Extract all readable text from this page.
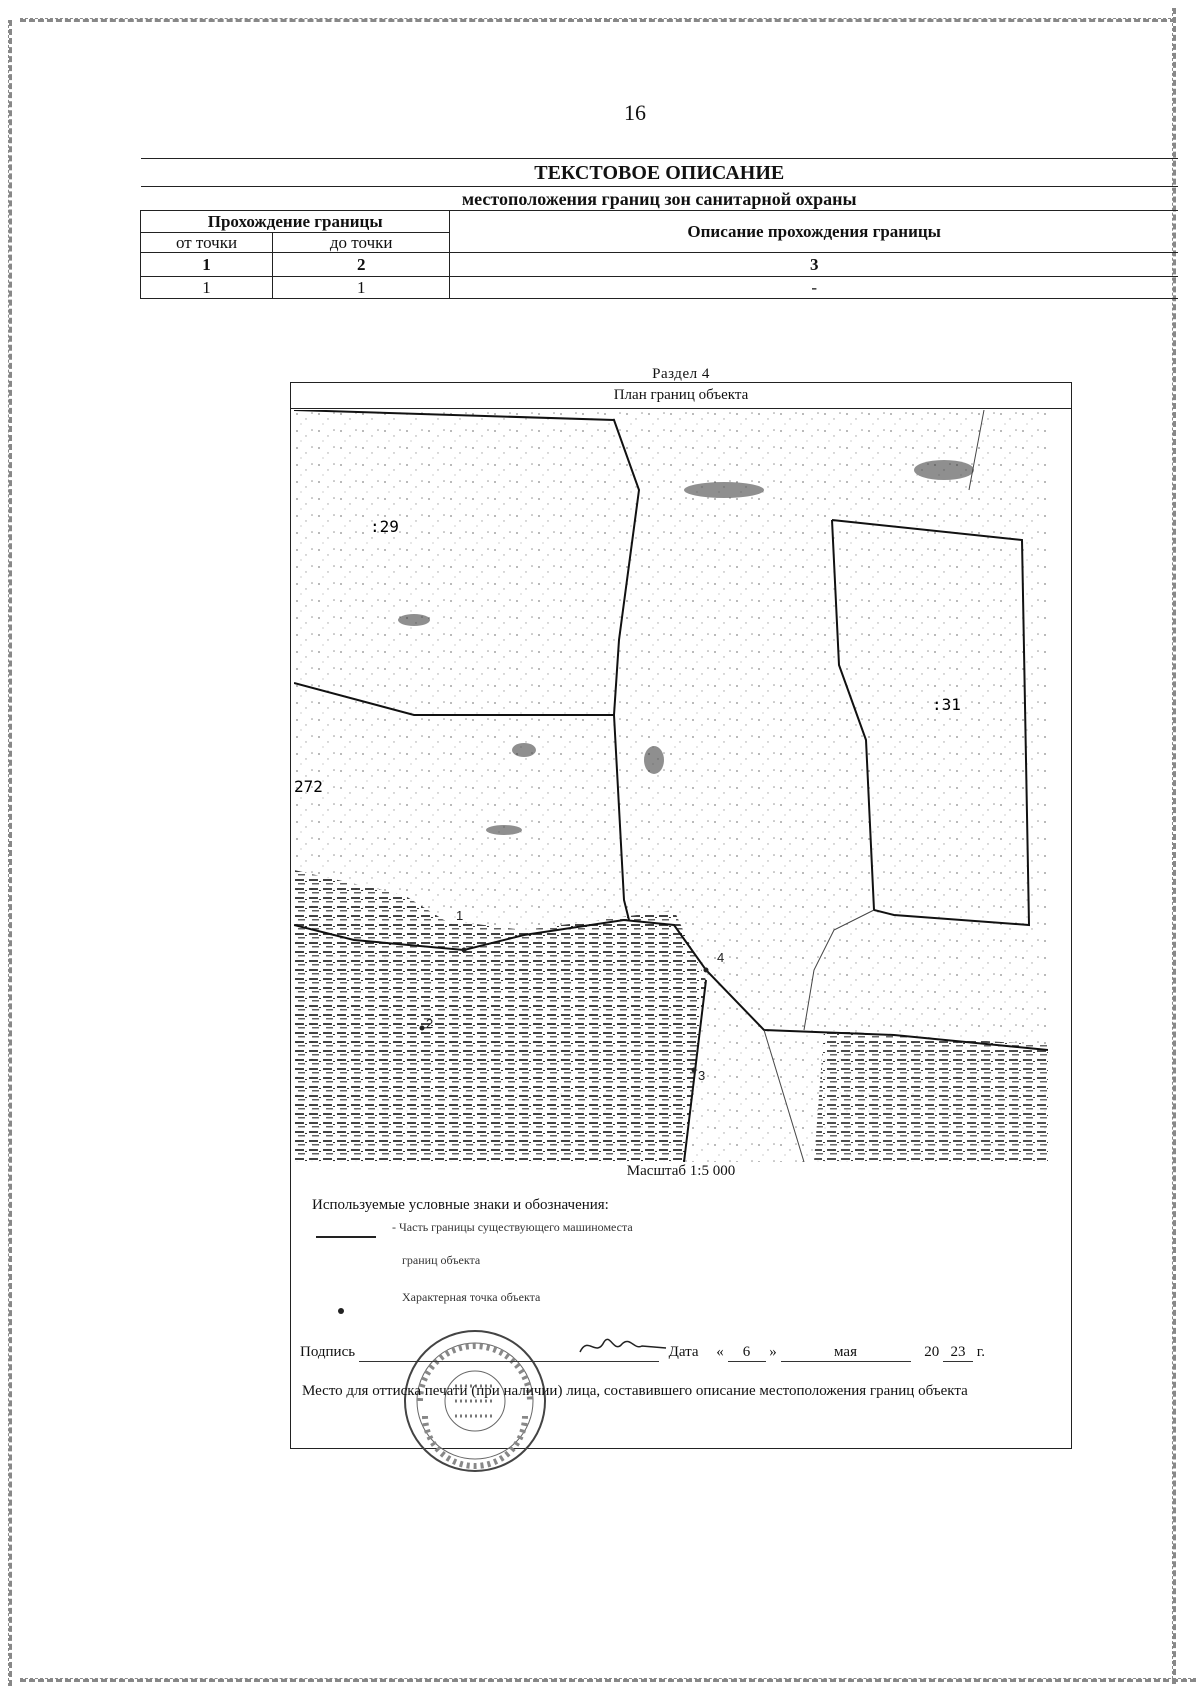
16
ТЕКСТОВОЕ ОПИСАНИЕ		
местоположения границ зон санитарной охраны		
Прохождение границы		Описание прохождения границы
от точки	до точки	
1	2	3
1	1	-
Раздел 4
План границ объекта
:29
:31
272
1
2
3
4
Масштаб 1:5 000
Используемые условные знаки и обозначения:
- Часть границы существующего машиноместа
границ объекта
Характерная точка объекта
Подпись	Дата « 6 »	мая	20 23 г.
Место для оттиска печати (при наличии) лица, составившего описание местоположения границ объекта
